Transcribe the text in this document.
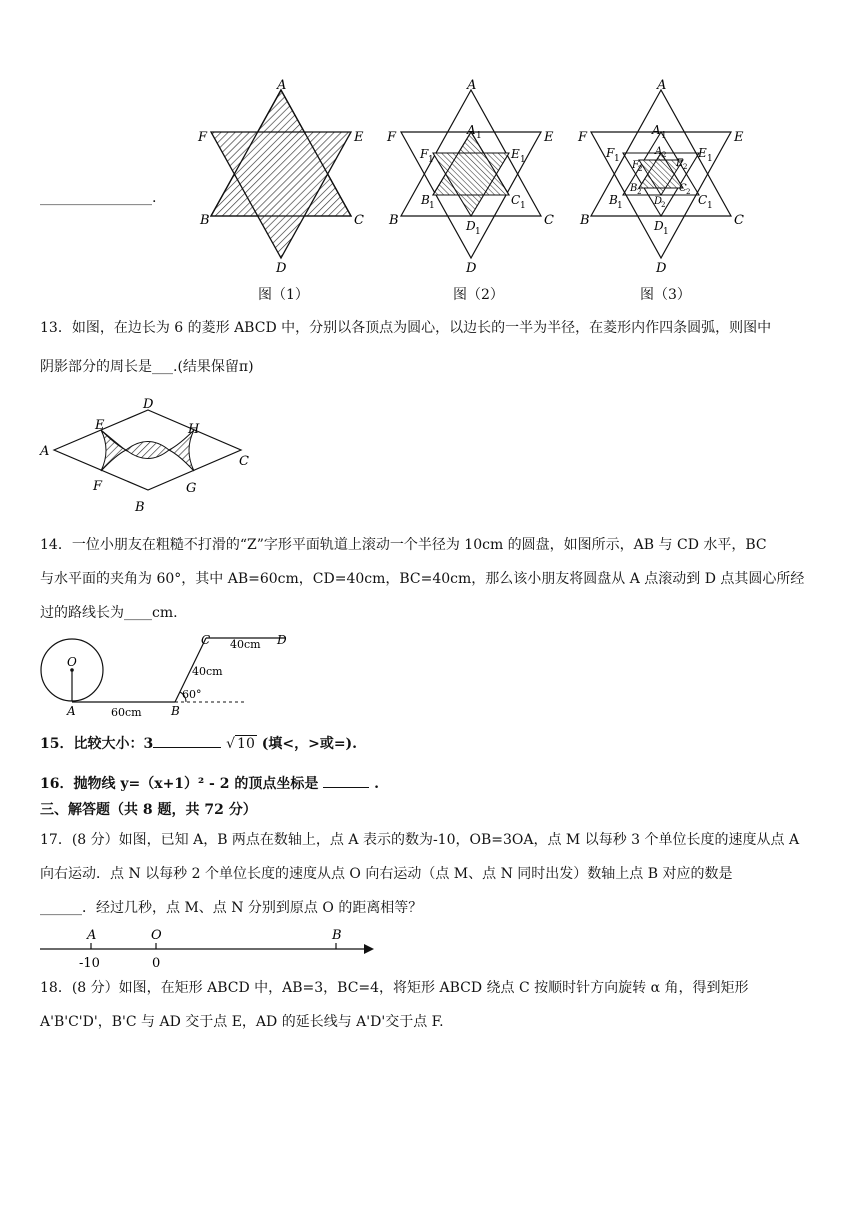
________________.
A
F	E
B	C
D
图（1）
A
F	E
B	C
D
A 1
F 1	E 1
B 1	C 1
D 1
图（2）
A
F	E
B	C
D
A 1
F 1	E 1
B 1	C 1
D 1
A 2
F 2	E 2
B 2	C 2
D
2
图（3）
13．如图，在边长为 6 的菱形 ABCD 中，分别以各顶点为圆心，以边长的一半为半径，在菱形内作四条圆弧，则图中
阴影部分的周长是___.(结果保留π)
A
D
C
B
E
F
H
G
14．一位小朋友在粗糙不打滑的“Z”字形平面轨道上滚动一个半径为 10cm 的圆盘，如图所示，AB 与 CD 水平，BC
与水平面的夹角为 60°，其中 AB=60cm，CD=40cm，BC=40cm，那么该小朋友将圆盘从 A 点滚动到 D 点其圆心所经
过的路线长为____cm.
O
A	B
C	D
40cm
40cm
60cm
60°
15．比较大小：3	√ 10 (填<，>或=).
16．抛物线 y=（x+1）² - 2 的顶点坐标是	.
三、解答题（共 8 题，共 72 分）
17．(8 分）如图，已知 A，B 两点在数轴上，点 A 表示的数为-10，OB=3OA，点 M 以每秒 3 个单位长度的速度从点 A
向右运动．点 N 以每秒 2 个单位长度的速度从点 O 向右运动（点 M、点 N 同时出发）数轴上点 B 对应的数是
______．经过几秒，点 M、点 N 分别到原点 O 的距离相等？
A	O	B
-10	0
18．(8 分）如图，在矩形 ABCD 中，AB=3，BC=4，将矩形 ABCD 绕点 C 按顺时针方向旋转 α 角，得到矩形
A'B'C'D'，B'C 与 AD 交于点 E，AD 的延长线与 A'D'交于点 F.
